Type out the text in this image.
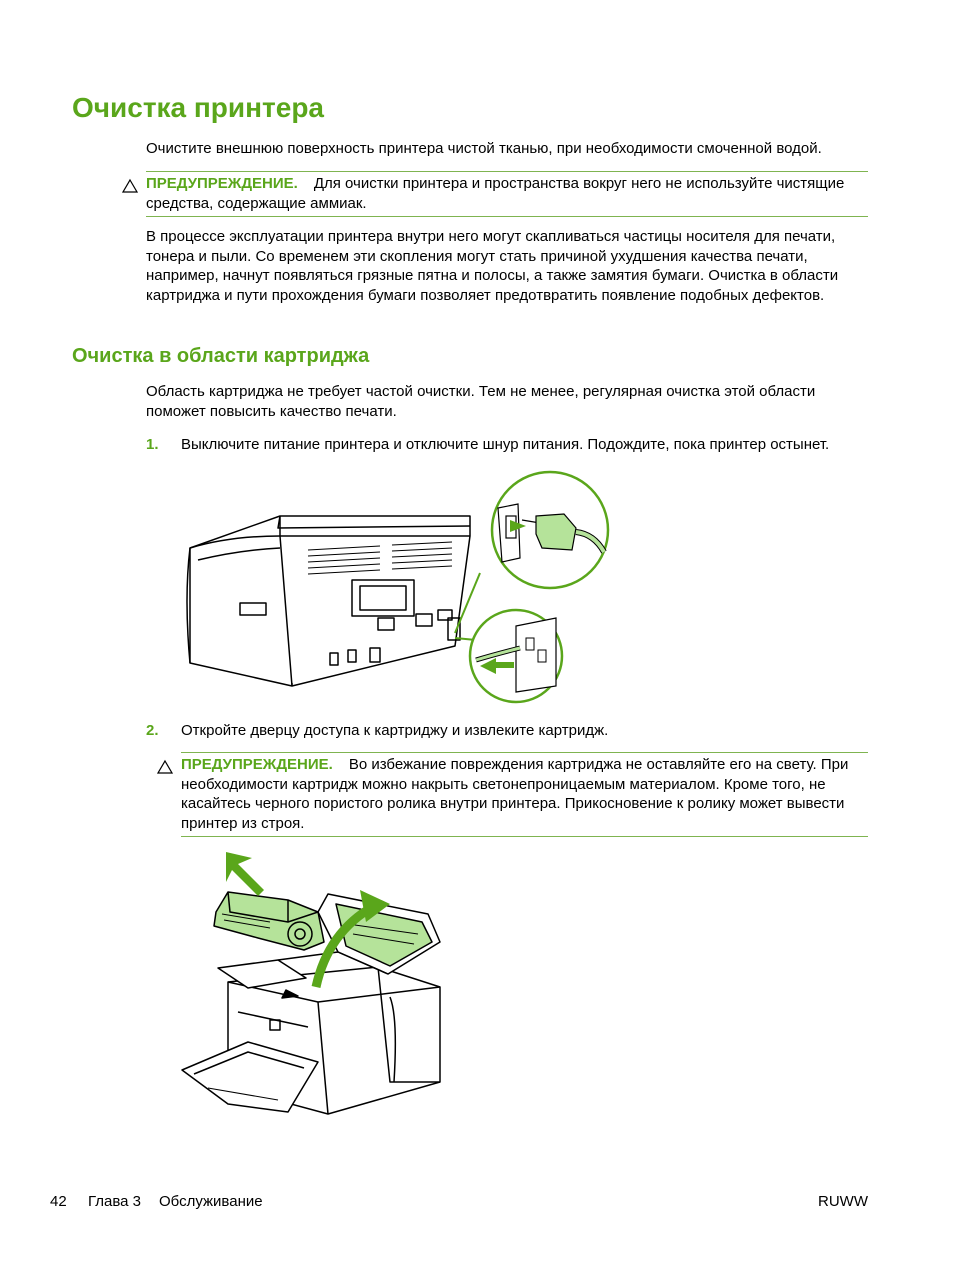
Очистка принтера

Очистите внешнюю поверхность принтера чистой тканью, при необходимости смоченной водой.

ПРЕДУПРЕЖДЕНИЕ. Для очистки принтера и пространства вокруг него не используйте чистящие средства, содержащие аммиак.

В процессе эксплуатации принтера внутри него могут скапливаться частицы носителя для печати, тонера и пыли. Со временем эти скопления могут стать причиной ухудшения качества печати, например, начнут появляться грязные пятна и полосы, а также замятия бумаги. Очистка в области картриджа и пути прохождения бумаги позволяет предотвратить появление подобных дефектов.

Очистка в области картриджа

Область картриджа не требует частой очистки. Тем не менее, регулярная очистка этой области поможет повысить качество печати.

1. Выключите питание принтера и отключите шнур питания. Подождите, пока принтер остынет.
2. Откройте дверцу доступа к картриджу и извлеките картридж.
ПРЕДУПРЕЖДЕНИЕ. Во избежание повреждения картриджа не оставляйте его на свету. При необходимости картридж можно накрыть светонепроницаемым материалом. Кроме того, не касайтесь черного пористого ролика внутри принтера. Прикосновение к ролику может вывести принтер из строя.
42 Глава 3 Обслуживание	RUWW
